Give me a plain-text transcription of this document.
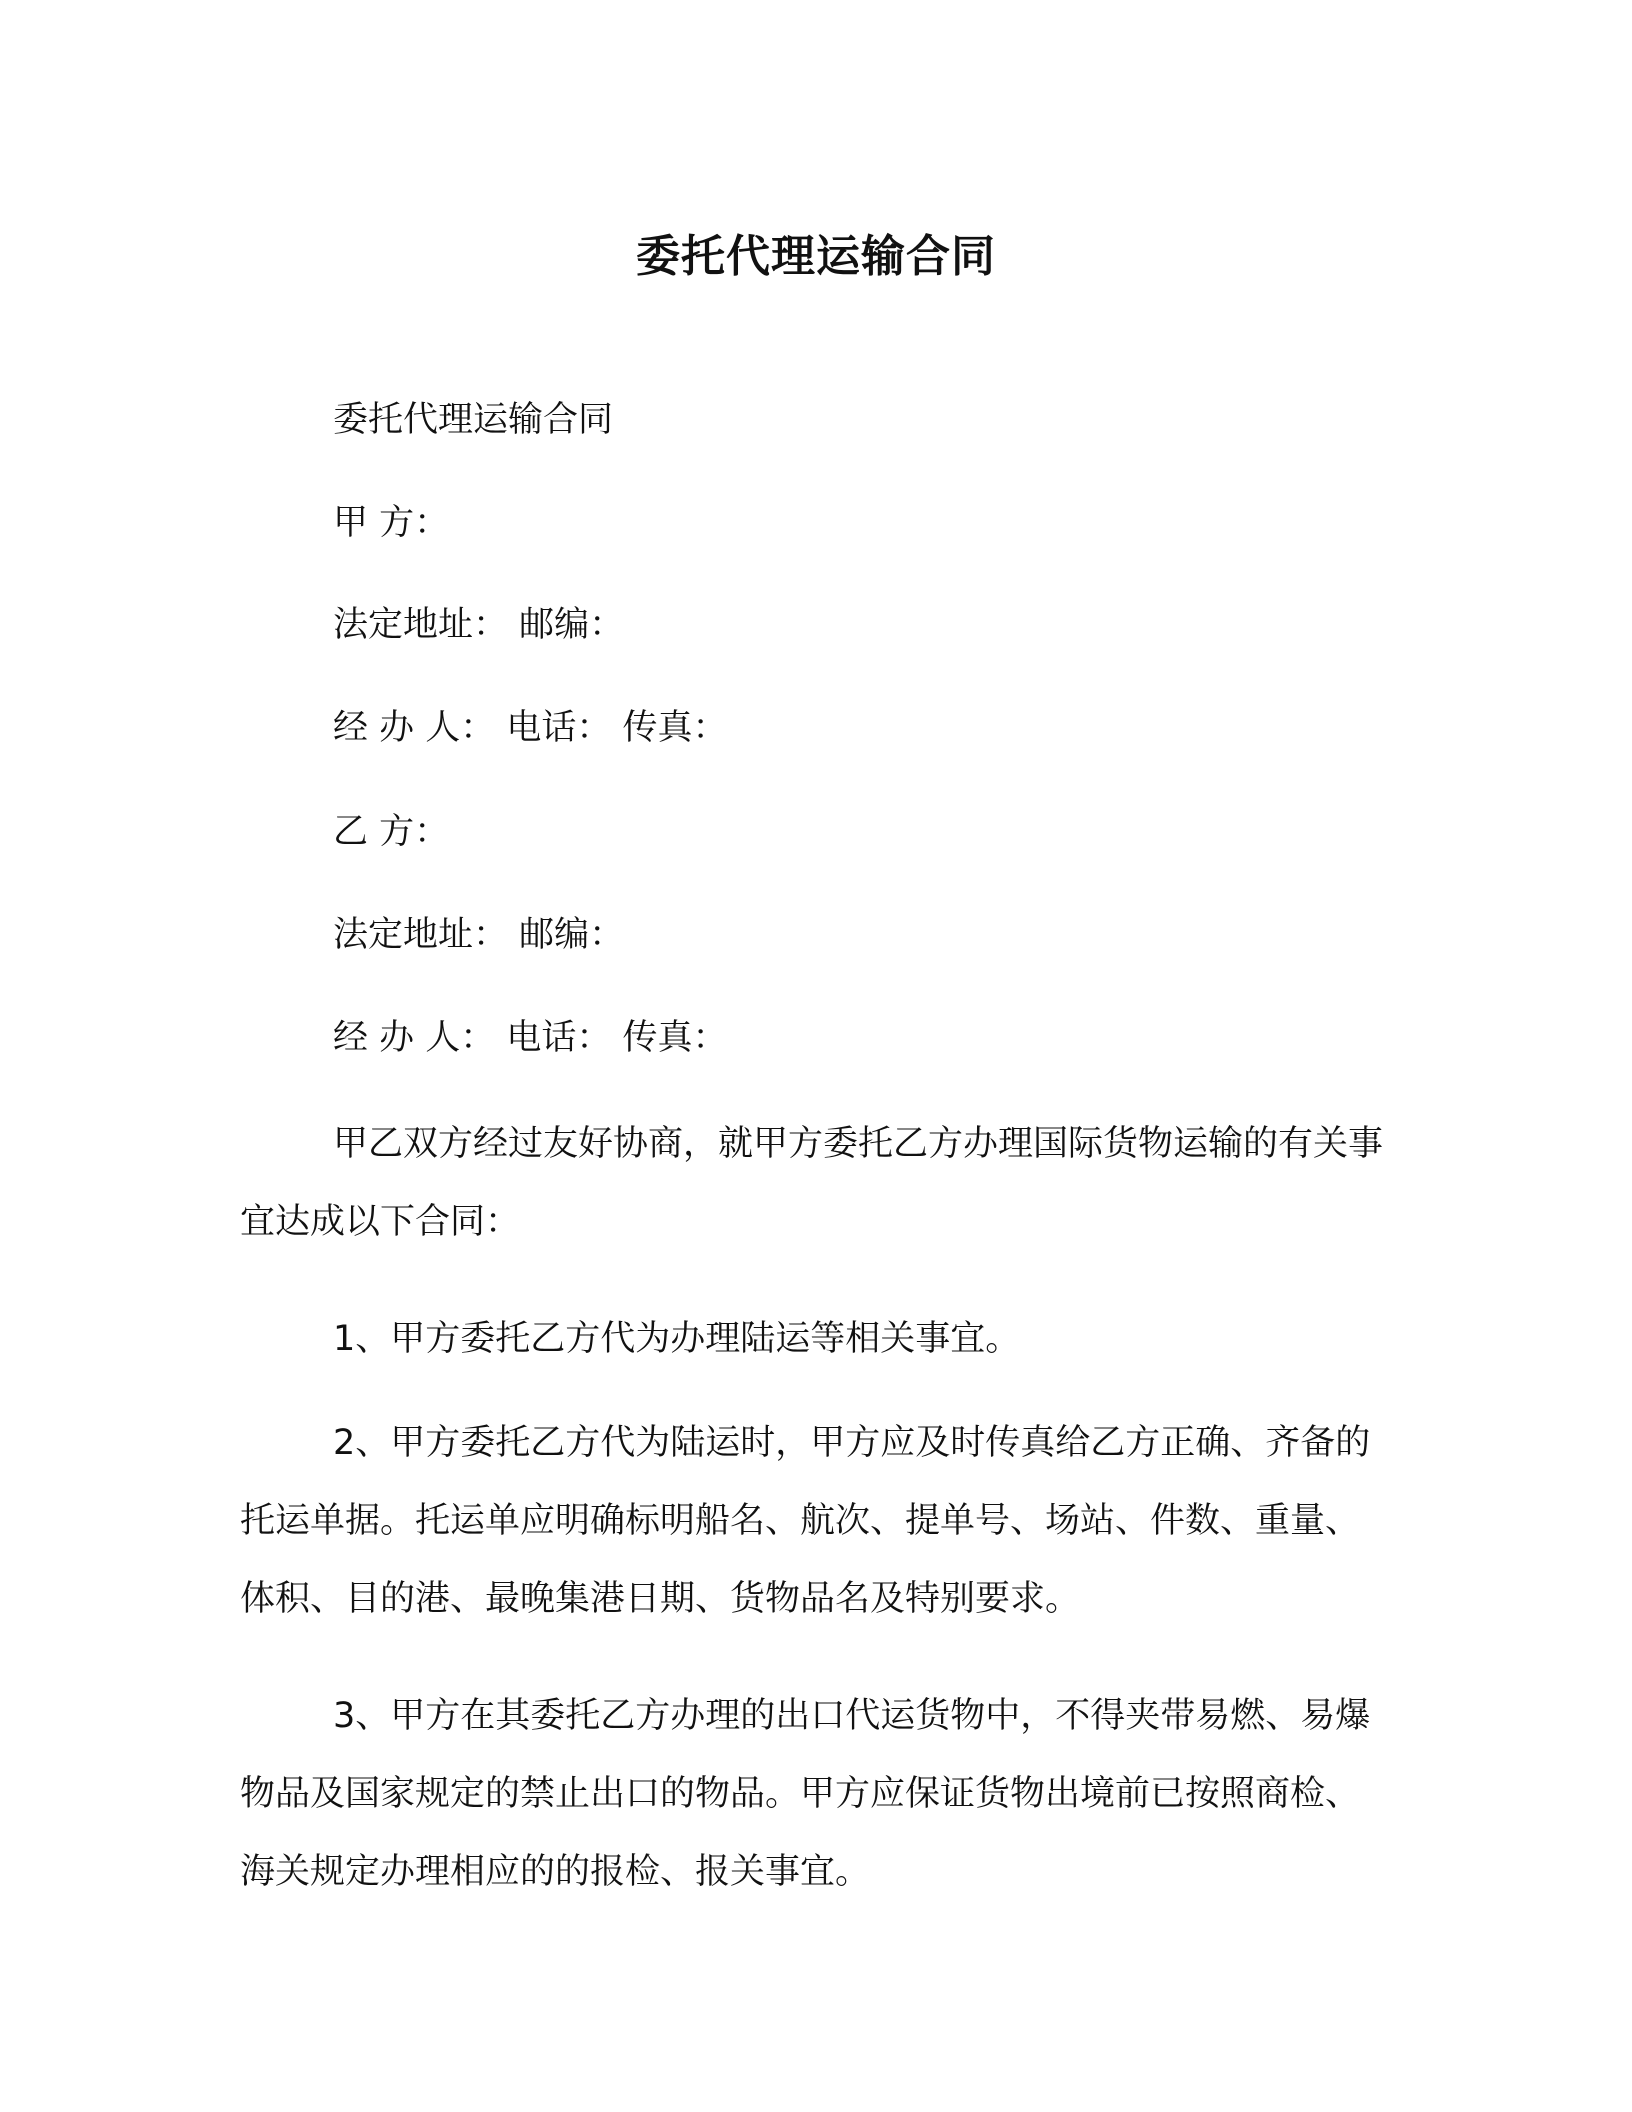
委托代理运输合同
委托代理运输合同
甲 方：
法定地址： 邮编：
经 办 人： 电话： 传真：
乙 方：
法定地址： 邮编：
经 办 人： 电话： 传真：
甲乙双方经过友好协商，就甲方委托乙方办理国际货物运输的有关事宜达成以下合同：
1、甲方委托乙方代为办理陆运等相关事宜。
2、甲方委托乙方代为陆运时，甲方应及时传真给乙方正确、齐备的托运单据。托运单应明确标明船名、航次、提单号、场站、件数、重量、体积、目的港、最晚集港日期、货物品名及特别要求。
3、甲方在其委托乙方办理的出口代运货物中，不得夹带易燃、易爆物品及国家规定的禁止出口的物品。甲方应保证货物出境前已按照商检、海关规定办理相应的的报检、报关事宜。
